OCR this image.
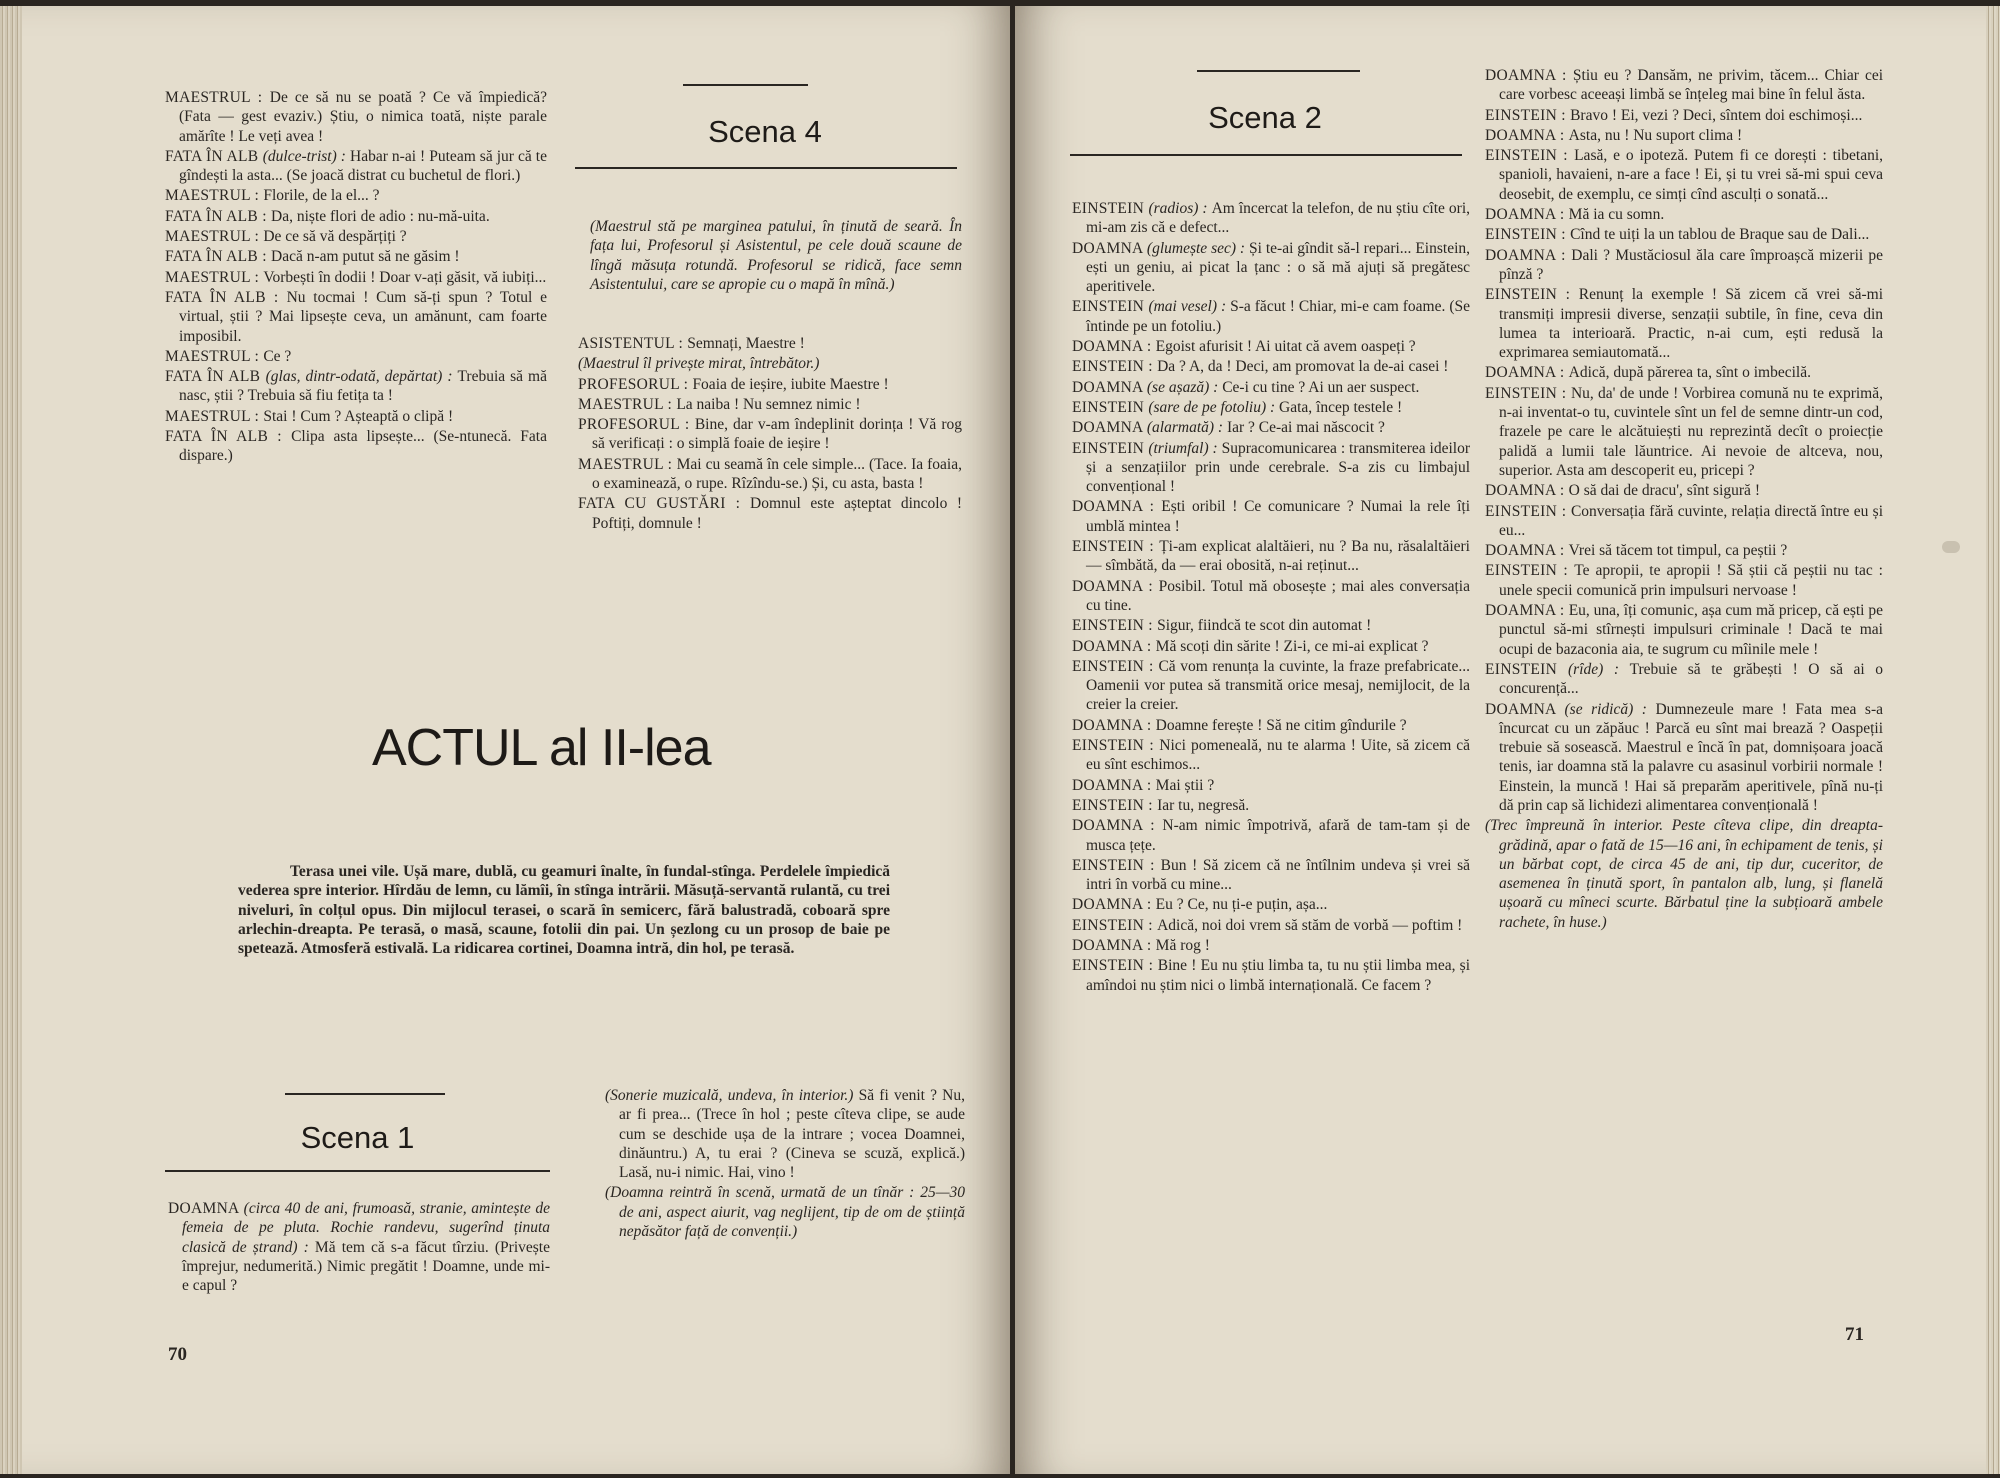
MAESTRUL : De ce să nu se poată ? Ce vă împiedică? (Fata — gest evaziv.) Știu, o nimica toată, niște parale amărîte ! Le veți avea !

FATA ÎN ALB (dulce-trist) : Habar n-ai ! Puteam să jur că te gîndești la asta... (Se joacă distrat cu buchetul de flori.)

MAESTRUL : Florile, de la el... ?

FATA ÎN ALB : Da, niște flori de adio : nu-mă-uita.

MAESTRUL : De ce să vă despărțiți ?

FATA ÎN ALB : Dacă n-am putut să ne găsim !

MAESTRUL : Vorbești în dodii ! Doar v-ați găsit, vă iubiți...

FATA ÎN ALB : Nu tocmai ! Cum să-ți spun ? Totul e virtual, știi ? Mai lipsește ceva, un amănunt, cam foarte imposibil.

MAESTRUL : Ce ?

FATA ÎN ALB (glas, dintr-odată, depărtat) : Trebuia să mă nasc, știi ? Trebuia să fiu fetița ta !

MAESTRUL : Stai ! Cum ? Așteaptă o clipă !

FATA ÎN ALB : Clipa asta lipsește... (Se-ntunecă. Fata dispare.)

Scena 4
(Maestrul stă pe marginea patului, în ținută de seară. În fața lui, Profesorul și Asistentul, pe cele două scaune de lîngă măsuța rotundă. Profesorul se ridică, face semn Asistentului, care se apropie cu o mapă în mînă.)

ASISTENTUL : Semnați, Maestre !

(Maestrul îl privește mirat, întrebător.)

PROFESORUL : Foaia de ieșire, iubite Maestre !

MAESTRUL : La naiba ! Nu semnez nimic !

PROFESORUL : Bine, dar v-am îndeplinit dorința ! Vă rog să verificați : o simplă foaie de ieșire !

MAESTRUL : Mai cu seamă în cele simple... (Tace. Ia foaia, o examinează, o rupe. Rîzîndu-se.) Și, cu asta, basta !

FATA CU GUSTĂRI : Domnul este așteptat dincolo ! Poftiți, domnule !

ACTUL al II-lea
Terasa unei vile. Ușă mare, dublă, cu geamuri înalte, în fundal-stînga. Perdelele împiedică vederea spre interior. Hîrdău de lemn, cu lămîi, în stînga intrării. Măsuță-servantă rulantă, cu trei niveluri, în colțul opus. Din mijlocul terasei, o scară în semicerc, fără balustradă, coboară spre arlechin-dreapta. Pe terasă, o masă, scaune, fotolii din pai. Un șezlong cu un prosop de baie pe spetează. Atmosferă estivală. La ridicarea cortinei, Doamna intră, din hol, pe terasă.
Scena 1

DOAMNA (circa 40 de ani, frumoasă, stranie, amintește de femeia de pe pluta. Rochie randevu, sugerînd ținuta clasică de ștrand) : Mă tem că s-a făcut tîrziu. (Privește împrejur, nedumerită.) Nimic pregătit ! Doamne, unde mi-e capul ?

(Sonerie muzicală, undeva, în interior.) Să fi venit ? Nu, ar fi prea... (Trece în hol ; peste cîteva clipe, se aude cum se deschide ușa de la intrare ; vocea Doamnei, dinăuntru.) A, tu erai ? (Cineva se scuză, explică.) Lasă, nu-i nimic. Hai, vino !

(Doamna reintră în scenă, urmată de un tînăr : 25—30 de ani, aspect aiurit, vag neglijent, tip de om de știință nepăsător față de convenții.)

70
Scena 2

EINSTEIN (radios) : Am încercat la telefon, de nu știu cîte ori, mi-am zis că e defect...

DOAMNA (glumește sec) : Și te-ai gîndit să-l repari... Einstein, ești un geniu, ai picat la țanc : o să mă ajuți să pregătesc aperitivele.

EINSTEIN (mai vesel) : S-a făcut ! Chiar, mi-e cam foame. (Se întinde pe un fotoliu.)

DOAMNA : Egoist afurisit ! Ai uitat că avem oaspeți ?

EINSTEIN : Da ? A, da ! Deci, am promovat la de-ai casei !

DOAMNA (se așază) : Ce-i cu tine ? Ai un aer suspect.

EINSTEIN (sare de pe fotoliu) : Gata, încep testele !

DOAMNA (alarmată) : Iar ? Ce-ai mai născocit ?

EINSTEIN (triumfal) : Supracomunicarea : transmiterea ideilor și a senzațiilor prin unde cerebrale. S-a zis cu limbajul convențional !

DOAMNA : Ești oribil ! Ce comunicare ? Numai la rele îți umblă mintea !

EINSTEIN : Ți-am explicat alaltăieri, nu ? Ba nu, răsalaltăieri — sîmbătă, da — erai obosită, n-ai reținut...

DOAMNA : Posibil. Totul mă obosește ; mai ales conversația cu tine.

EINSTEIN : Sigur, fiindcă te scot din automat !

DOAMNA : Mă scoți din sărite ! Zi-i, ce mi-ai explicat ?

EINSTEIN : Că vom renunța la cuvinte, la fraze prefabricate... Oamenii vor putea să transmită orice mesaj, nemijlocit, de la creier la creier.

DOAMNA : Doamne ferește ! Să ne citim gîndurile ?

EINSTEIN : Nici pomeneală, nu te alarma ! Uite, să zicem că eu sînt eschimos...

DOAMNA : Mai știi ?

EINSTEIN : Iar tu, negresă.

DOAMNA : N-am nimic împotrivă, afară de tam-tam și de musca țețe.

EINSTEIN : Bun ! Să zicem că ne întîlnim undeva și vrei să intri în vorbă cu mine...

DOAMNA : Eu ? Ce, nu ți-e puțin, așa...

EINSTEIN : Adică, noi doi vrem să stăm de vorbă — poftim !

DOAMNA : Mă rog !

EINSTEIN : Bine ! Eu nu știu limba ta, tu nu știi limba mea, și amîndoi nu știm nici o limbă internațională. Ce facem ?

DOAMNA : Știu eu ? Dansăm, ne privim, tăcem... Chiar cei care vorbesc aceeași limbă se înțeleg mai bine în felul ăsta.

EINSTEIN : Bravo ! Ei, vezi ? Deci, sîntem doi eschimoși...

DOAMNA : Asta, nu ! Nu suport clima !

EINSTEIN : Lasă, e o ipoteză. Putem fi ce dorești : tibetani, spanioli, havaieni, n-are a face ! Ei, și tu vrei să-mi spui ceva deosebit, de exemplu, ce simți cînd asculți o sonată...

DOAMNA : Mă ia cu somn.

EINSTEIN : Cînd te uiți la un tablou de Braque sau de Dali...

DOAMNA : Dali ? Mustăciosul ăla care împroașcă mizerii pe pînză ?

EINSTEIN : Renunț la exemple ! Să zicem că vrei să-mi transmiți impresii diverse, senzații subtile, în fine, ceva din lumea ta interioară. Practic, n-ai cum, ești redusă la exprimarea semiautomată...

DOAMNA : Adică, după părerea ta, sînt o imbecilă.

EINSTEIN : Nu, da' de unde ! Vorbirea comună nu te exprimă, n-ai inventat-o tu, cuvintele sînt un fel de semne dintr-un cod, frazele pe care le alcătuiești nu reprezintă decît o proiecție palidă a lumii tale lăuntrice. Ai nevoie de altceva, nou, superior. Asta am descoperit eu, pricepi ?

DOAMNA : O să dai de dracu', sînt sigură !

EINSTEIN : Conversația fără cuvinte, relația directă între eu și eu...

DOAMNA : Vrei să tăcem tot timpul, ca peștii ?

EINSTEIN : Te apropii, te apropii ! Să știi că peștii nu tac : unele specii comunică prin impulsuri nervoase !

DOAMNA : Eu, una, îți comunic, așa cum mă pricep, că ești pe punctul să-mi stîrnești impulsuri criminale ! Dacă te mai ocupi de bazaconia aia, te sugrum cu mîinile mele !

EINSTEIN (rîde) : Trebuie să te grăbești ! O să ai o concurență...

DOAMNA (se ridică) : Dumnezeule mare ! Fata mea s-a încurcat cu un zăpăuc ! Parcă eu sînt mai brează ? Oaspeții trebuie să sosească. Maestrul e încă în pat, domnișoara joacă tenis, iar doamna stă la palavre cu asasinul vorbirii normale ! Einstein, la muncă ! Hai să preparăm aperitivele, pînă nu-ți dă prin cap să lichidezi alimentarea convențională !

(Trec împreună în interior. Peste cîteva clipe, din dreapta-grădină, apar o fată de 15—16 ani, în echipament de tenis, și un bărbat copt, de circa 45 de ani, tip dur, cuceritor, de asemenea în ținută sport, în pantalon alb, lung, și flanelă ușoară cu mîneci scurte. Bărbatul ține la subțioară ambele rachete, în huse.)

71
